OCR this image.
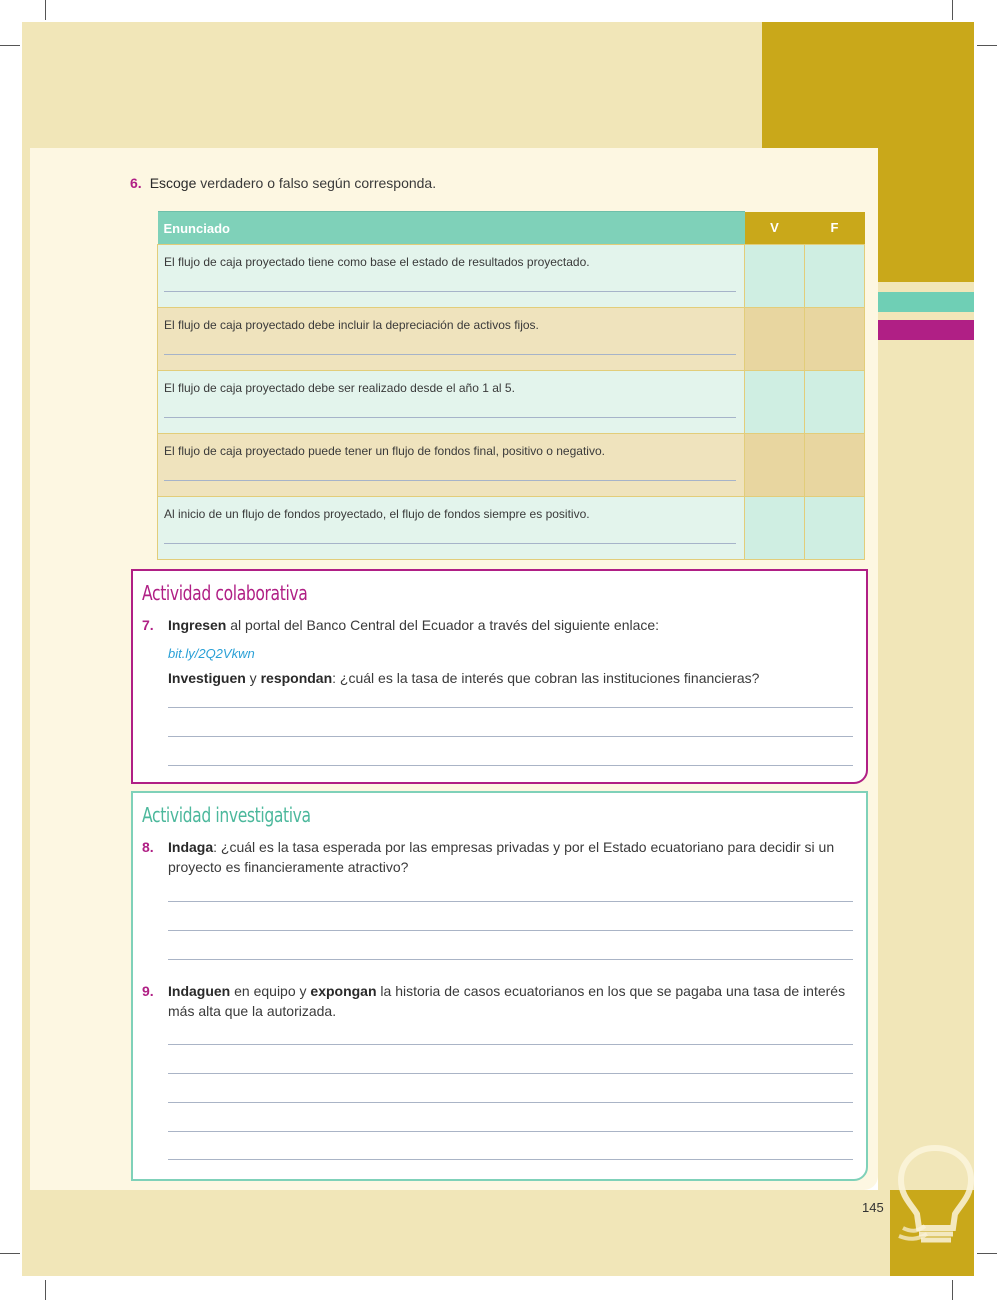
6. Escoge verdadero o falso según corresponda.
Enunciado	V	F

El flujo de caja proyectado tiene como base el estado de resultados proyectado.		

El flujo de caja proyectado debe incluir la depreciación de activos fijos.		

El flujo de caja proyectado debe ser realizado desde el año 1 al 5.		

El flujo de caja proyectado puede tener un flujo de fondos final, positivo o negativo.		

Al inicio de un flujo de fondos proyectado, el flujo de fondos siempre es positivo.		

Actividad colaborativa
7. Ingresen al portal del Banco Central del Ecuador a través del siguiente enlace:
bit.ly/2Q2Vkwn
Investiguen y respondan: ¿cuál es la tasa de interés que cobran las instituciones financieras?
Actividad investigativa
8. Indaga: ¿cuál es la tasa esperada por las empresas privadas y por el Estado ecuatoriano para decidir si un proyecto es financieramente atractivo?
9. Indaguen en equipo y expongan la historia de casos ecuatorianos en los que se pagaba una tasa de interés más alta que la autorizada.
145
